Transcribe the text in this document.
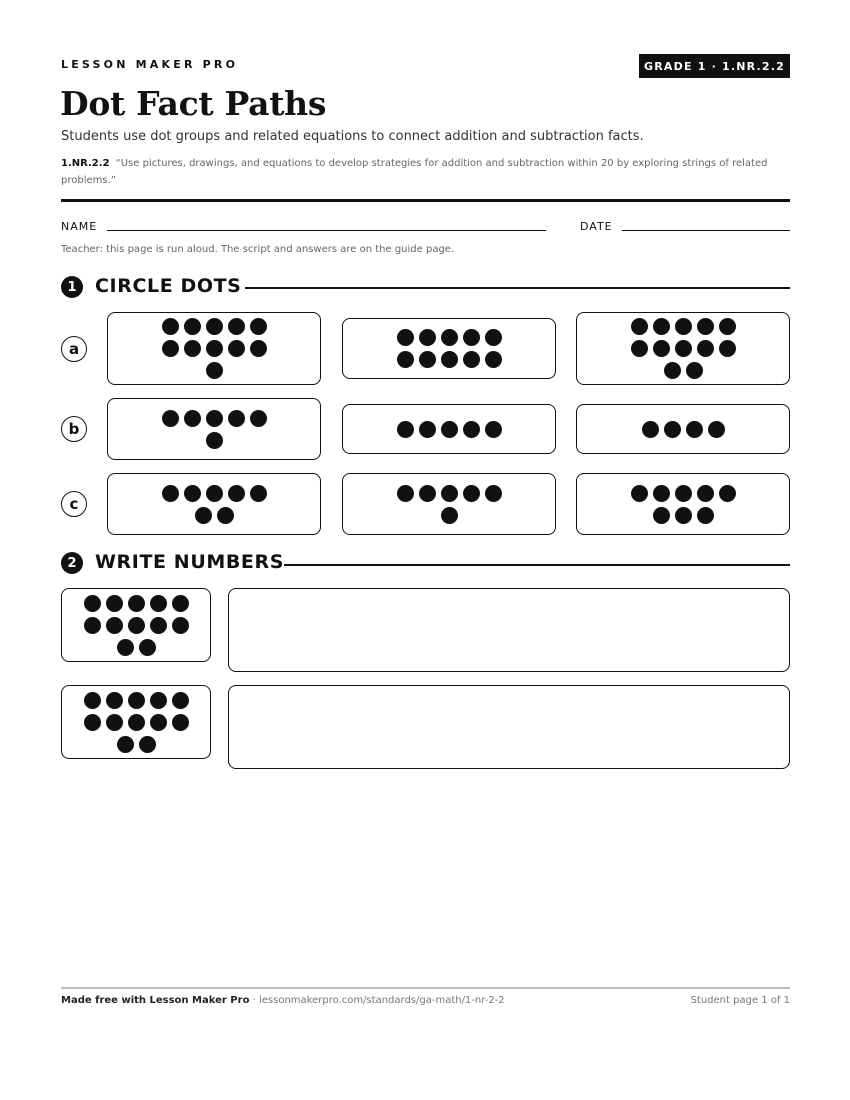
LESSON MAKER PRO	GRADE 1 · 1.NR.2.2
Dot Fact Paths
Students use dot groups and related equations to connect addition and subtraction facts.
1.NR.2.2 “Use pictures, drawings, and equations to develop strategies for addition and subtraction within 20 by exploring strings of related problems.”
NAME	DATE
Teacher: this page is run aloud. The script and answers are on the guide page.
1 CIRCLE DOTS
a
b
c
2 WRITE NUMBERS
Made free with Lesson Maker Pro · lessonmakerpro.com/standards/ga-math/1-nr-2-2	Student page 1 of 1
